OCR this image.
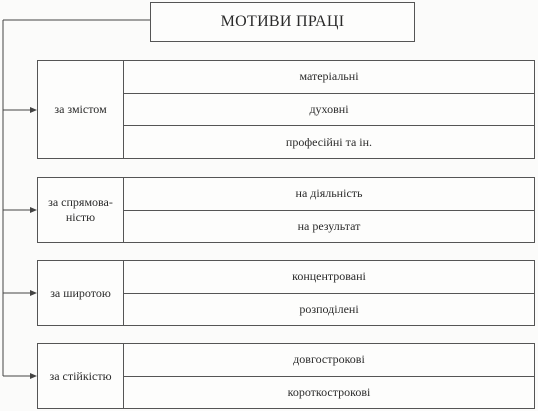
МОТИВИ ПРАЦІ
за змістом
матеріальні
духовні
професійні та ін.
за спрямова-ністю
на діяльність
на результат
за широтою
концентровані
розподілені
за стійкістю
довгострокові
короткострокові
